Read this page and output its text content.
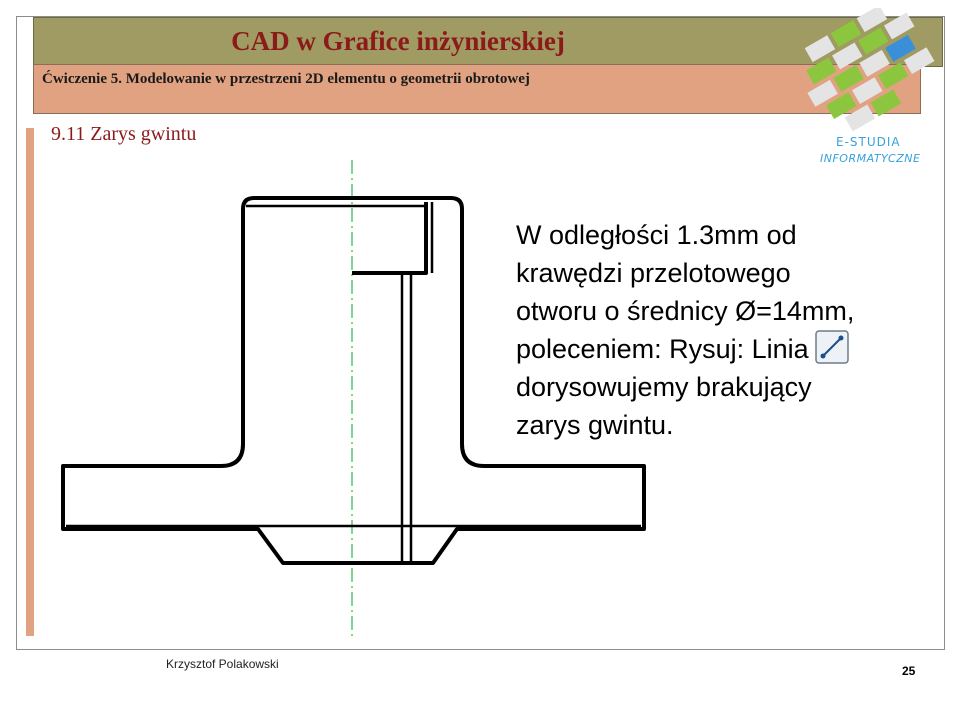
CAD w Grafice inżynierskiej
Ćwiczenie 5. Modelowanie w przestrzeni 2D elementu o geometrii obrotowej
9.11 Zarys gwintu	E-STUDIA
INFORMATYCZNE
W odległości 1.3mm od
krawędzi przelotowego
otworu o średnicy Ø=14mm,
poleceniem: Rysuj: Linia
dorysowujemy brakujący
zarys gwintu.
Krzysztof Polakowski	25
